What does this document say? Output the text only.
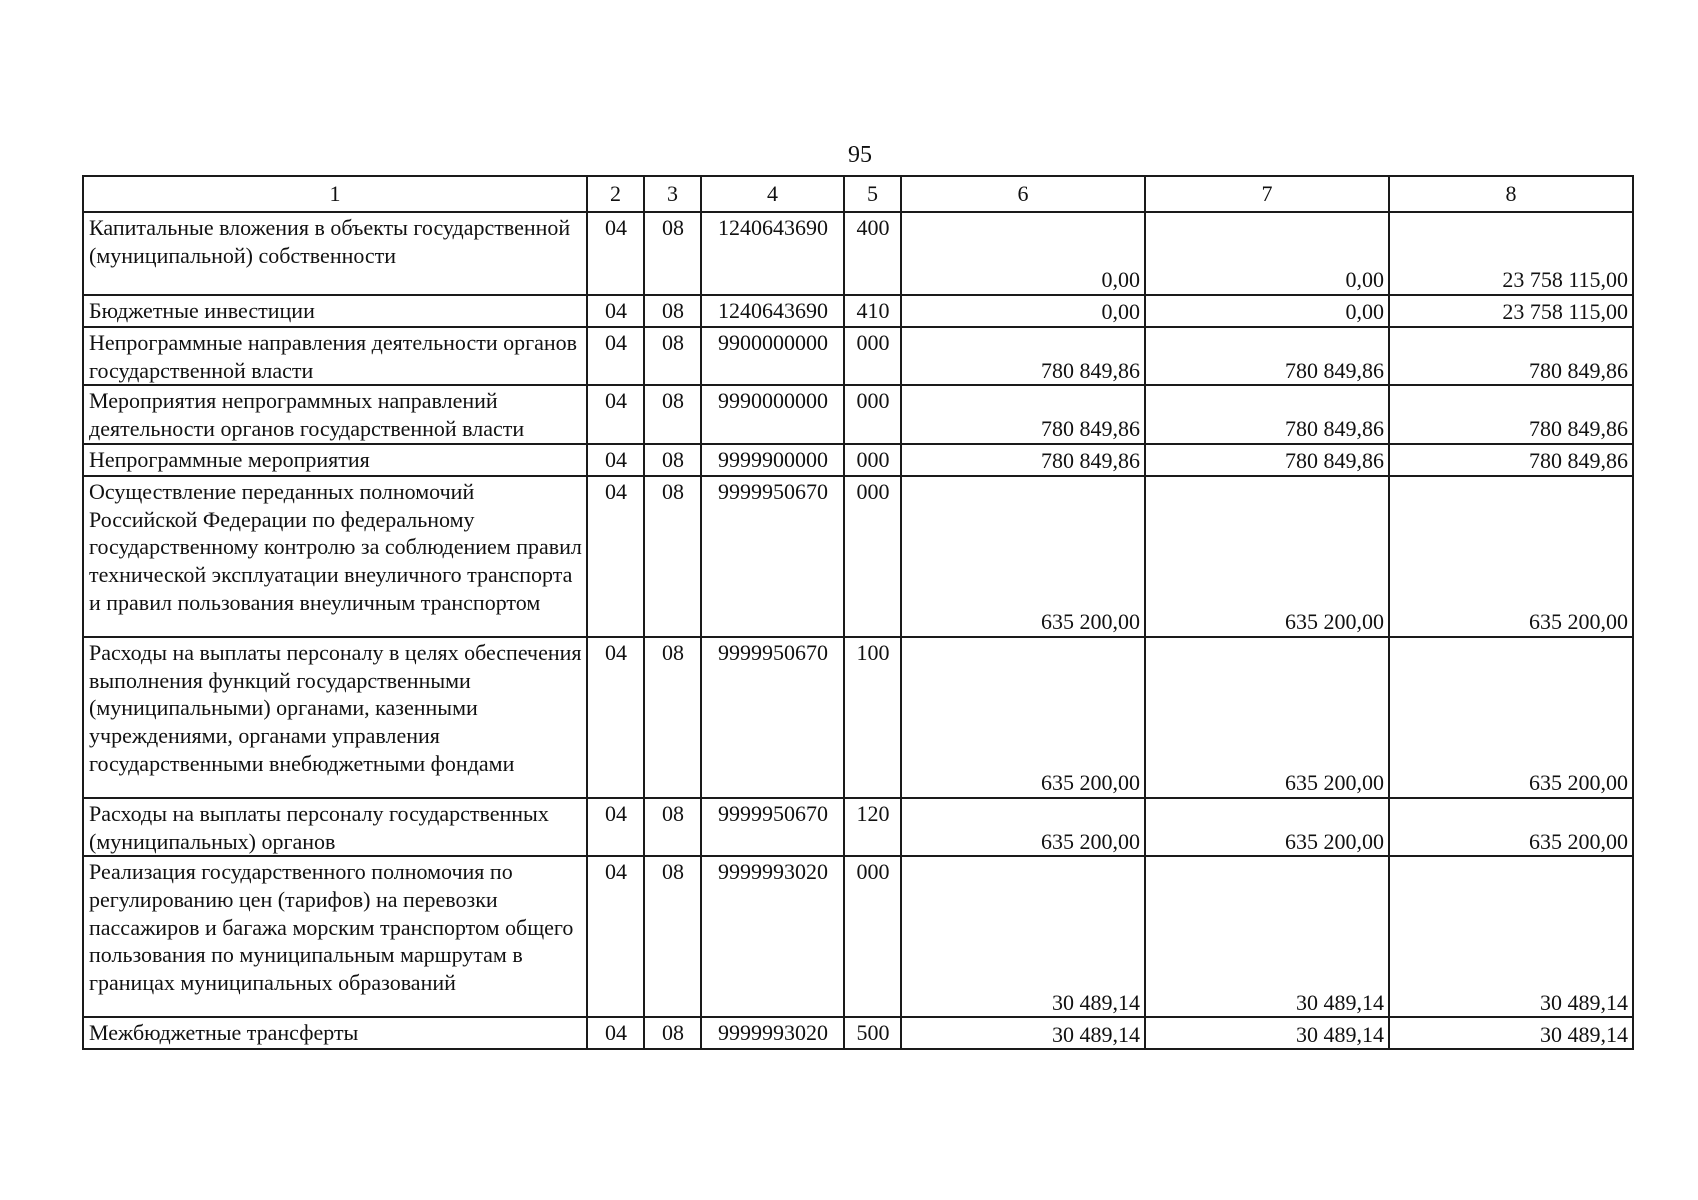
95
1	2	3	4	5	6	7	8
Капитальные вложения в объекты государственной (муниципальной) собственности	04	08	1240643690	400	0,00	0,00	23 758 115,00
Бюджетные инвестиции	04	08	1240643690	410	0,00	0,00	23 758 115,00
Непрограммные направления деятельности органов государственной власти	04	08	9900000000	000	780 849,86	780 849,86	780 849,86
Мероприятия непрограммных направлений деятельности органов государственной власти	04	08	9990000000	000	780 849,86	780 849,86	780 849,86
Непрограммные мероприятия	04	08	9999900000	000	780 849,86	780 849,86	780 849,86
Осуществление переданных полномочий Российской Федерации по федеральному государственному контролю за соблюдением правил технической эксплуатации внеуличного транспорта и правил пользования внеуличным транспортом	04	08	9999950670	000	635 200,00	635 200,00	635 200,00
Расходы на выплаты персоналу в целях обеспечения выполнения функций государственными (муниципальными) органами, казенными учреждениями, органами управления государственными внебюджетными фондами	04	08	9999950670	100	635 200,00	635 200,00	635 200,00
Расходы на выплаты персоналу государственных (муниципальных) органов	04	08	9999950670	120	635 200,00	635 200,00	635 200,00
Реализация государственного полномочия по регулированию цен (тарифов) на перевозки пассажиров и багажа морским транспортом общего пользования по муниципальным маршрутам в границах муниципальных образований	04	08	9999993020	000	30 489,14	30 489,14	30 489,14
Межбюджетные трансферты	04	08	9999993020	500	30 489,14	30 489,14	30 489,14
